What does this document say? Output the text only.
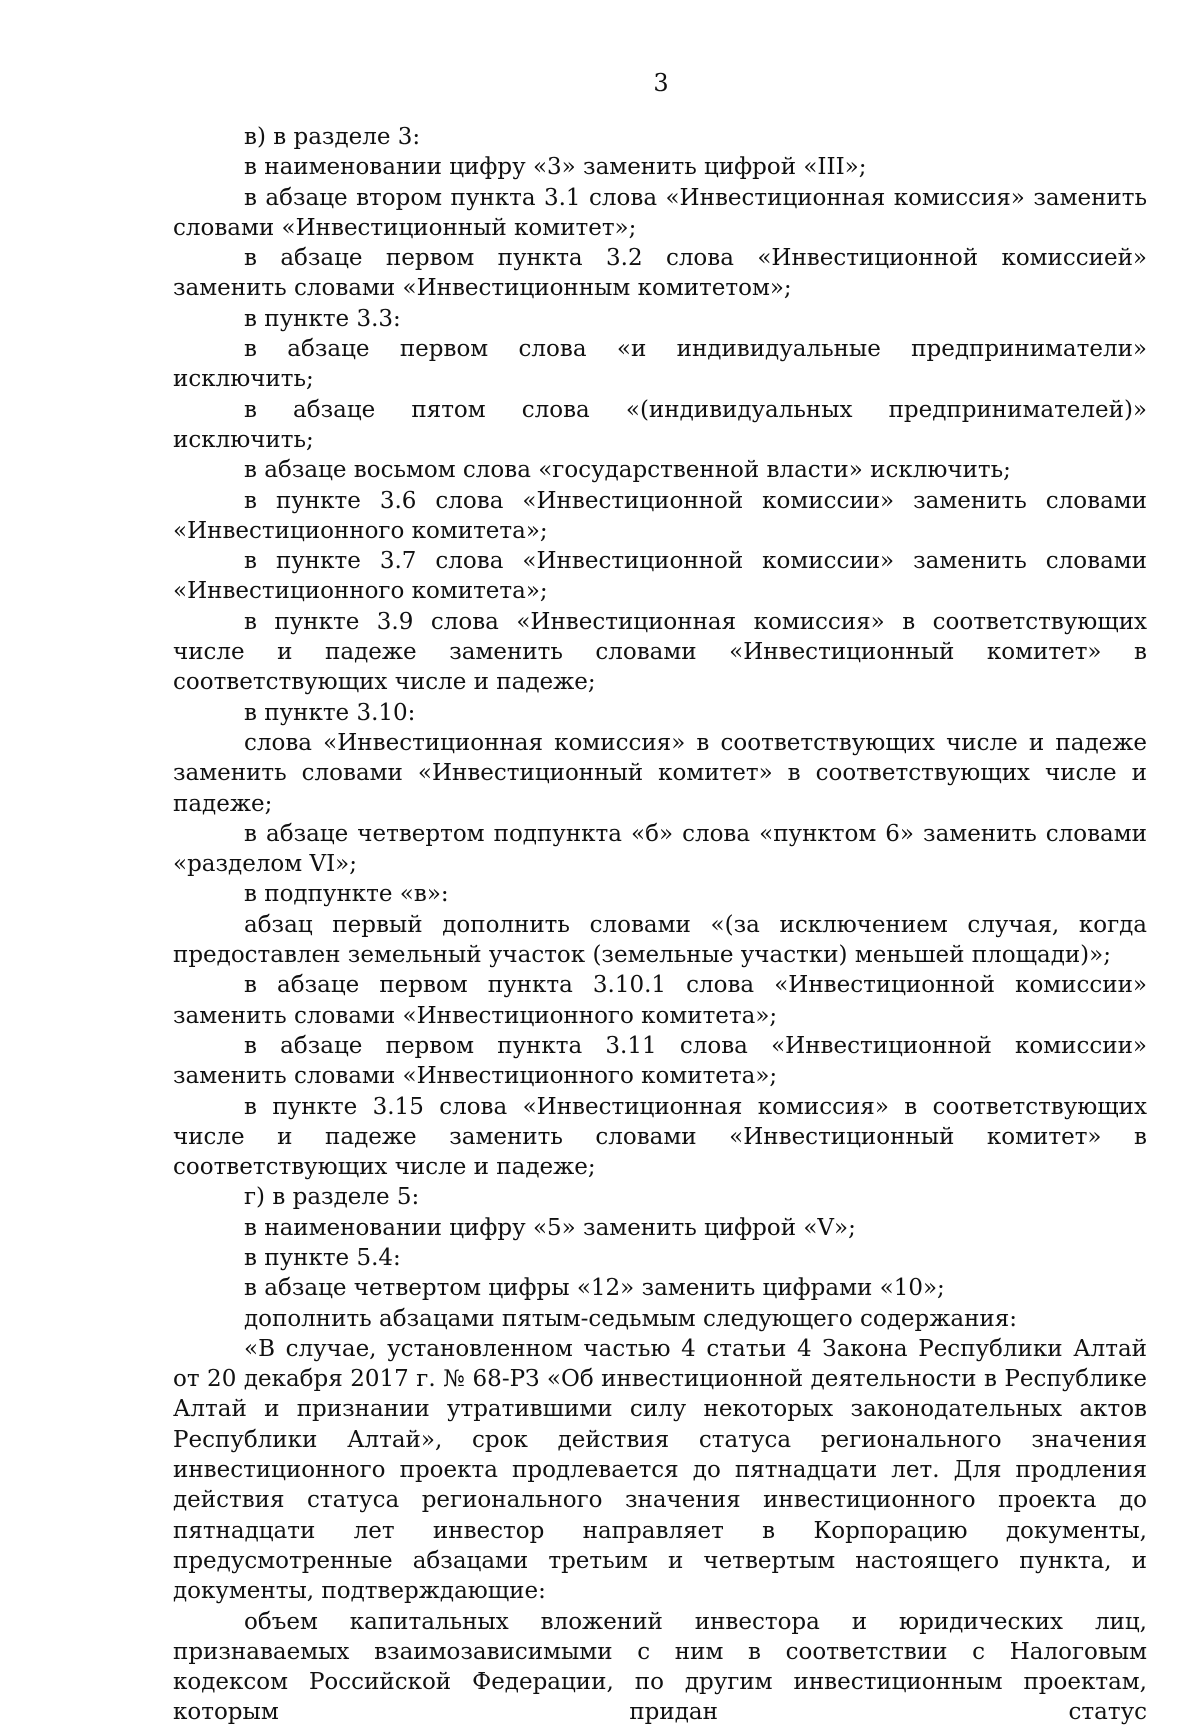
3

в) в разделе 3:

в наименовании цифру «3» заменить цифрой «III»;

в абзаце втором пункта 3.1 слова «Инвестиционная комиссия» заменить словами «Инвестиционный комитет»;

в абзаце первом пункта 3.2 слова «Инвестиционной комиссией» заменить словами «Инвестиционным комитетом»;

в пункте 3.3:

в абзаце первом слова «и индивидуальные предприниматели» исключить;

в абзаце пятом слова «(индивидуальных предпринимателей)» исключить;

в абзаце восьмом слова «государственной власти» исключить;

в пункте 3.6 слова «Инвестиционной комиссии» заменить словами «Инвестиционного комитета»;

в пункте 3.7 слова «Инвестиционной комиссии» заменить словами «Инвестиционного комитета»;

в пункте 3.9 слова «Инвестиционная комиссия» в соответствующих числе и падеже заменить словами «Инвестиционный комитет» в соответствующих числе и падеже;

в пункте 3.10:

слова «Инвестиционная комиссия» в соответствующих числе и падеже заменить словами «Инвестиционный комитет» в соответствующих числе и падеже;

в абзаце четвертом подпункта «б» слова «пунктом 6» заменить словами «разделом VI»;

в подпункте «в»:

абзац первый дополнить словами «(за исключением случая, когда предоставлен земельный участок (земельные участки) меньшей площади)»;

в абзаце первом пункта 3.10.1 слова «Инвестиционной комиссии» заменить словами «Инвестиционного комитета»;

в абзаце первом пункта 3.11 слова «Инвестиционной комиссии» заменить словами «Инвестиционного комитета»;

в пункте 3.15 слова «Инвестиционная комиссия» в соответствующих числе и падеже заменить словами «Инвестиционный комитет» в соответствующих числе и падеже;

г) в разделе 5:

в наименовании цифру «5» заменить цифрой «V»;

в пункте 5.4:

в абзаце четвертом цифры «12» заменить цифрами «10»;

дополнить абзацами пятым-седьмым следующего содержания:

«В случае, установленном частью 4 статьи 4 Закона Республики Алтай от 20 декабря 2017 г. № 68-РЗ «Об инвестиционной деятельности в Республике Алтай и признании утратившими силу некоторых законодательных актов Республики Алтай», срок действия статуса регионального значения инвестиционного проекта продлевается до пятнадцати лет. Для продления действия статуса регионального значения инвестиционного проекта до пятнадцати лет инвестор направляет в Корпорацию документы, предусмотренные абзацами третьим и четвертым настоящего пункта, и документы, подтверждающие:

объем капитальных вложений инвестора и юридических лиц, признаваемых взаимозависимыми с ним в соответствии с Налоговым кодексом Российской Федерации, по другим инвестиционным проектам, которым придан статус
